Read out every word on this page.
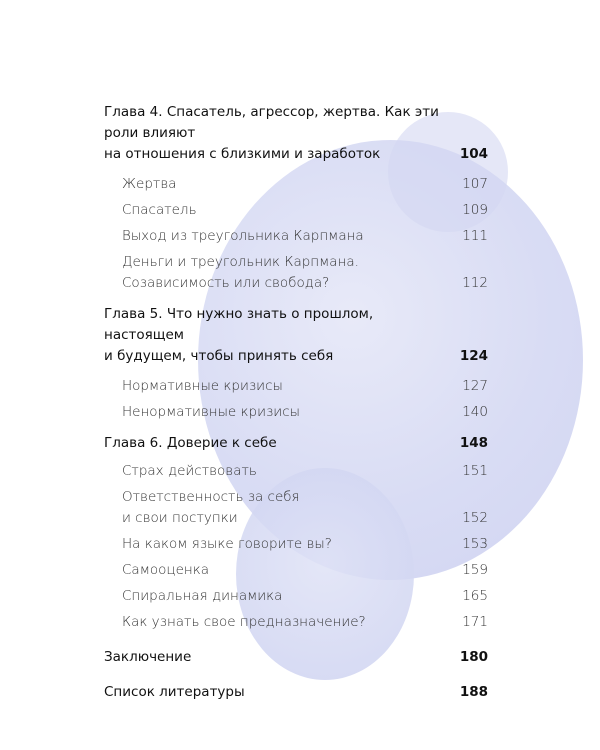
Глава 4. Спасатель, агрессор, жертва. Как эти роли влияют
на отношения с близкими и заработок	104
Жертва	107
Спасатель	109
Выход из треугольника Карпмана	111
Деньги и треугольник Карпмана.
Созависимость или свобода?	112
Глава 5. Что нужно знать о прошлом, настоящем
и будущем, чтобы принять себя	124
Нормативные кризисы	127
Ненормативные кризисы	140
Глава 6. Доверие к себе	148
Страх действовать	151
Ответственность за себя
и свои поступки	152
На каком языке говорите вы?	153
Самооценка	159
Спиральная динамика	165
Как узнать свое предназначение?	171
Заключение	180
Список литературы	188
